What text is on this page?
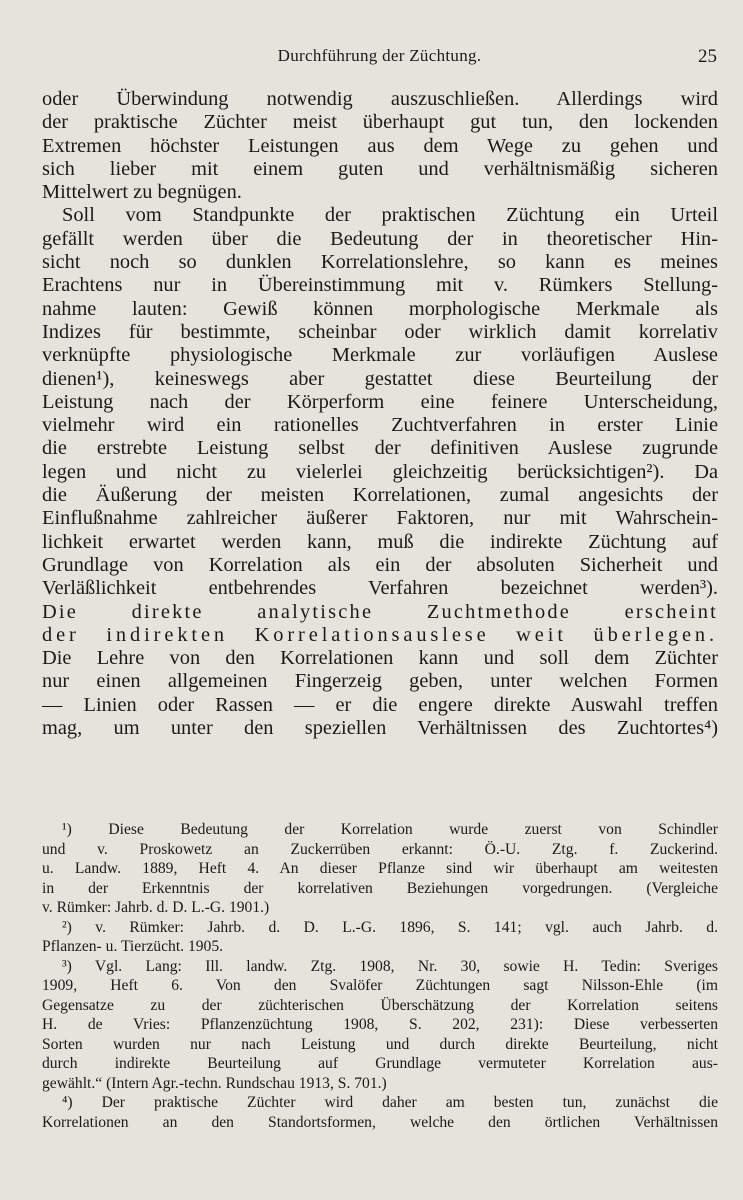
Durchführung der Züchtung.	25
oder Überwindung notwendig auszuschließen. Allerdings wird
der praktische Züchter meist überhaupt gut tun, den lockenden
Extremen höchster Leistungen aus dem Wege zu gehen und
sich lieber mit einem guten und verhältnismäßig sicheren
Mittelwert zu begnügen.
Soll vom Standpunkte der praktischen Züchtung ein Urteil
gefällt werden über die Bedeutung der in theoretischer Hin-
sicht noch so dunklen Korrelationslehre, so kann es meines
Erachtens nur in Übereinstimmung mit v. Rümkers Stellung-
nahme lauten: Gewiß können morphologische Merkmale als
Indizes für bestimmte, scheinbar oder wirklich damit korrelativ
verknüpfte physiologische Merkmale zur vorläufigen Auslese
dienen¹), keineswegs aber gestattet diese Beurteilung der
Leistung nach der Körperform eine feinere Unterscheidung,
vielmehr wird ein rationelles Zuchtverfahren in erster Linie
die erstrebte Leistung selbst der definitiven Auslese zugrunde
legen und nicht zu vielerlei gleichzeitig berücksichtigen²). Da
die Äußerung der meisten Korrelationen, zumal angesichts der
Einflußnahme zahlreicher äußerer Faktoren, nur mit Wahrschein-
lichkeit erwartet werden kann, muß die indirekte Züchtung auf
Grundlage von Korrelation als ein der absoluten Sicherheit und
Verläßlichkeit entbehrendes Verfahren bezeichnet werden³).
Die direkte analytische Zuchtmethode erscheint
der indirekten Korrelationsauslese weit überlegen.
Die Lehre von den Korrelationen kann und soll dem Züchter
nur einen allgemeinen Fingerzeig geben, unter welchen Formen
— Linien oder Rassen — er die engere direkte Auswahl treffen
mag, um unter den speziellen Verhältnissen des Zuchtortes⁴)
¹) Diese Bedeutung der Korrelation wurde zuerst von Schindler
und v. Proskowetz an Zuckerrüben erkannt: Ö.-U. Ztg. f. Zuckerind.
u. Landw. 1889, Heft 4. An dieser Pflanze sind wir überhaupt am weitesten
in der Erkenntnis der korrelativen Beziehungen vorgedrungen. (Vergleiche
v. Rümker: Jahrb. d. D. L.-G. 1901.)
²) v. Rümker: Jahrb. d. D. L.-G. 1896, S. 141; vgl. auch Jahrb. d.
Pflanzen- u. Tierzücht. 1905.
³) Vgl. Lang: Ill. landw. Ztg. 1908, Nr. 30, sowie H. Tedin: Sveriges
1909, Heft 6. Von den Svalöfer Züchtungen sagt Nilsson-Ehle (im
Gegensatze zu der züchterischen Überschätzung der Korrelation seitens
H. de Vries: Pflanzenzüchtung 1908, S. 202, 231): Diese verbesserten
Sorten wurden nur nach Leistung und durch direkte Beurteilung, nicht
durch indirekte Beurteilung auf Grundlage vermuteter Korrelation aus-
gewählt.“ (Intern Agr.-techn. Rundschau 1913, S. 701.)
⁴) Der praktische Züchter wird daher am besten tun, zunächst die
Korrelationen an den Standortsformen, welche den örtlichen Verhältnissen
